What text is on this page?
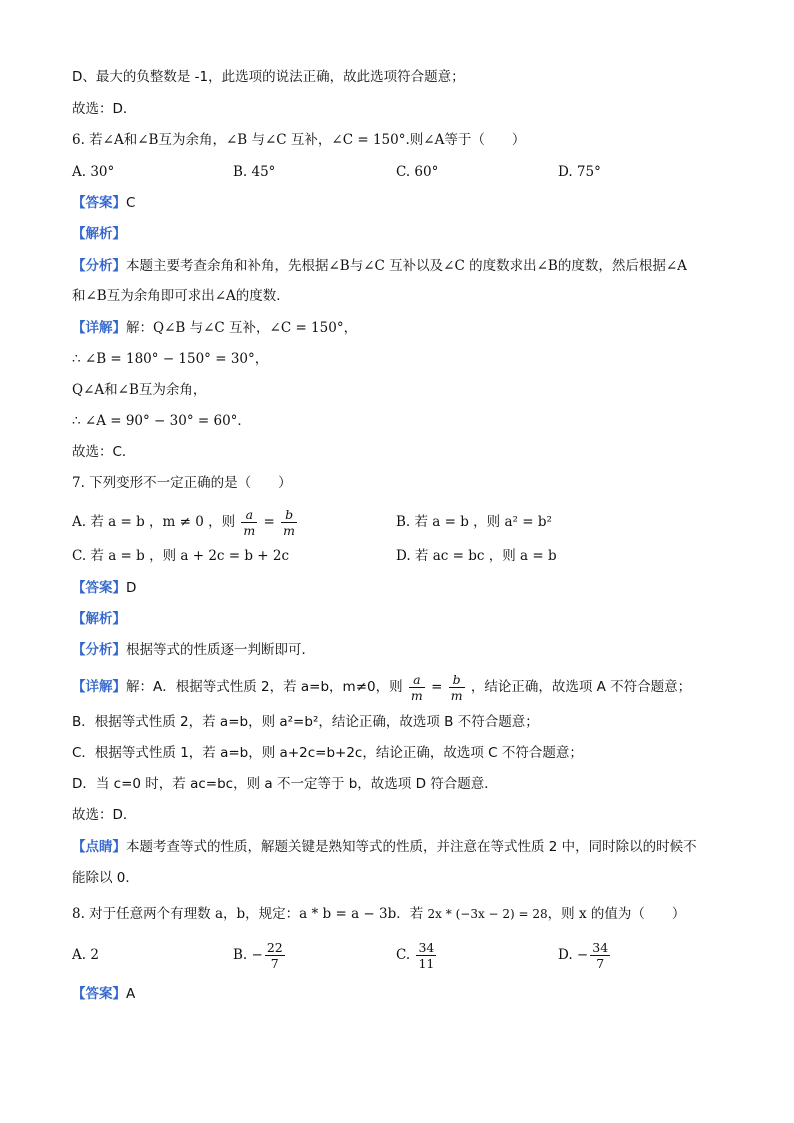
D、最大的负整数是 -1，此选项的说法正确，故此选项符合题意；
故选：D．
6. 若∠A和∠B互为余角，∠B 与∠C 互补，∠C = 150°.则∠A等于（　　）
A. 30°	B. 45°	C. 60°	D. 75°
【答案】C
【解析】
【分析】本题主要考查余角和补角，先根据∠B与∠C 互补以及∠C 的度数求出∠B的度数，然后根据∠A
和∠B互为余角即可求出∠A的度数．
【详解】解：Q∠B 与∠C 互补，∠C = 150°，
∴ ∠B = 180° − 150° = 30°，
Q∠A和∠B互为余角，
∴ ∠A = 90° − 30° = 60°．
故选：C．
7. 下列变形不一定正确的是（　　）
A. 若 a = b ，m ≠ 0 ，则 $\frac{a}{m} = \frac{b}{m}$	B. 若 a = b ，则 a² = b²
C. 若 a = b ，则 a + 2c = b + 2c	D. 若 ac = bc ，则 a = b
【答案】D
【解析】
【分析】根据等式的性质逐一判断即可．
【详解】解：A．根据等式性质 2，若 a=b，m≠0，则 $\frac{a}{m} = \frac{b}{m}$ ，结论正确，故选项 A 不符合题意；
B．根据等式性质 2，若 a=b，则 a²=b²，结论正确，故选项 B 不符合题意；
C．根据等式性质 1，若 a=b，则 a+2c=b+2c，结论正确，故选项 C 不符合题意；
D．当 c=0 时，若 ac=bc，则 a 不一定等于 b，故选项 D 符合题意．
故选：D．
【点睛】本题考查等式的性质，解题关键是熟知等式的性质，并注意在等式性质 2 中，同时除以的时候不
能除以 0．
8. 对于任意两个有理数 a，b，规定：a * b = a − 3b．若 2x * (−3x − 2) = 28，则 x 的值为（　　）
A. 2	B. − $\frac{22}{7}$	C. $\frac{34}{11}$	D. − $\frac{34}{7}$
【答案】A
